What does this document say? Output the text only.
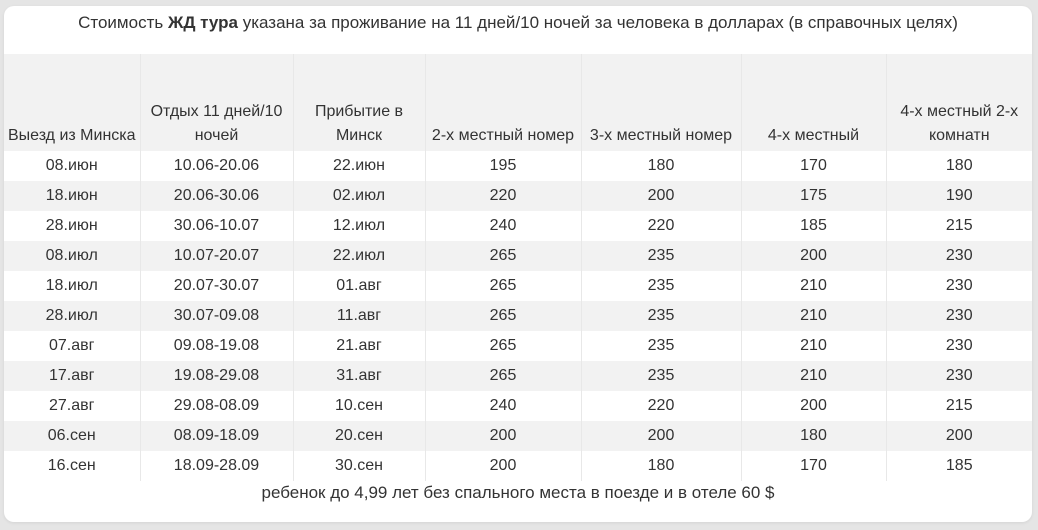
Стоимость ЖД тура указана за проживание на 11 дней/10 ночей за человека в долларах (в справочных целях)
Выезд из Минска	Отдых 11 дней/10 ночей	Прибытие в Минск	2-х местный номер	3-х местный номер	4-х местный	4-х местный 2-х комнатн
08.июн	10.06-20.06	22.июн	195	180	170	180
18.июн	20.06-30.06	02.июл	220	200	175	190
28.июн	30.06-10.07	12.июл	240	220	185	215
08.июл	10.07-20.07	22.июл	265	235	200	230
18.июл	20.07-30.07	01.авг	265	235	210	230
28.июл	30.07-09.08	11.авг	265	235	210	230
07.авг	09.08-19.08	21.авг	265	235	210	230
17.авг	19.08-29.08	31.авг	265	235	210	230
27.авг	29.08-08.09	10.сен	240	220	200	215
06.сен	08.09-18.09	20.сен	200	200	180	200
16.сен	18.09-28.09	30.сен	200	180	170	185
ребенок до 4,99 лет без спального места в поезде и в отеле 60 $
